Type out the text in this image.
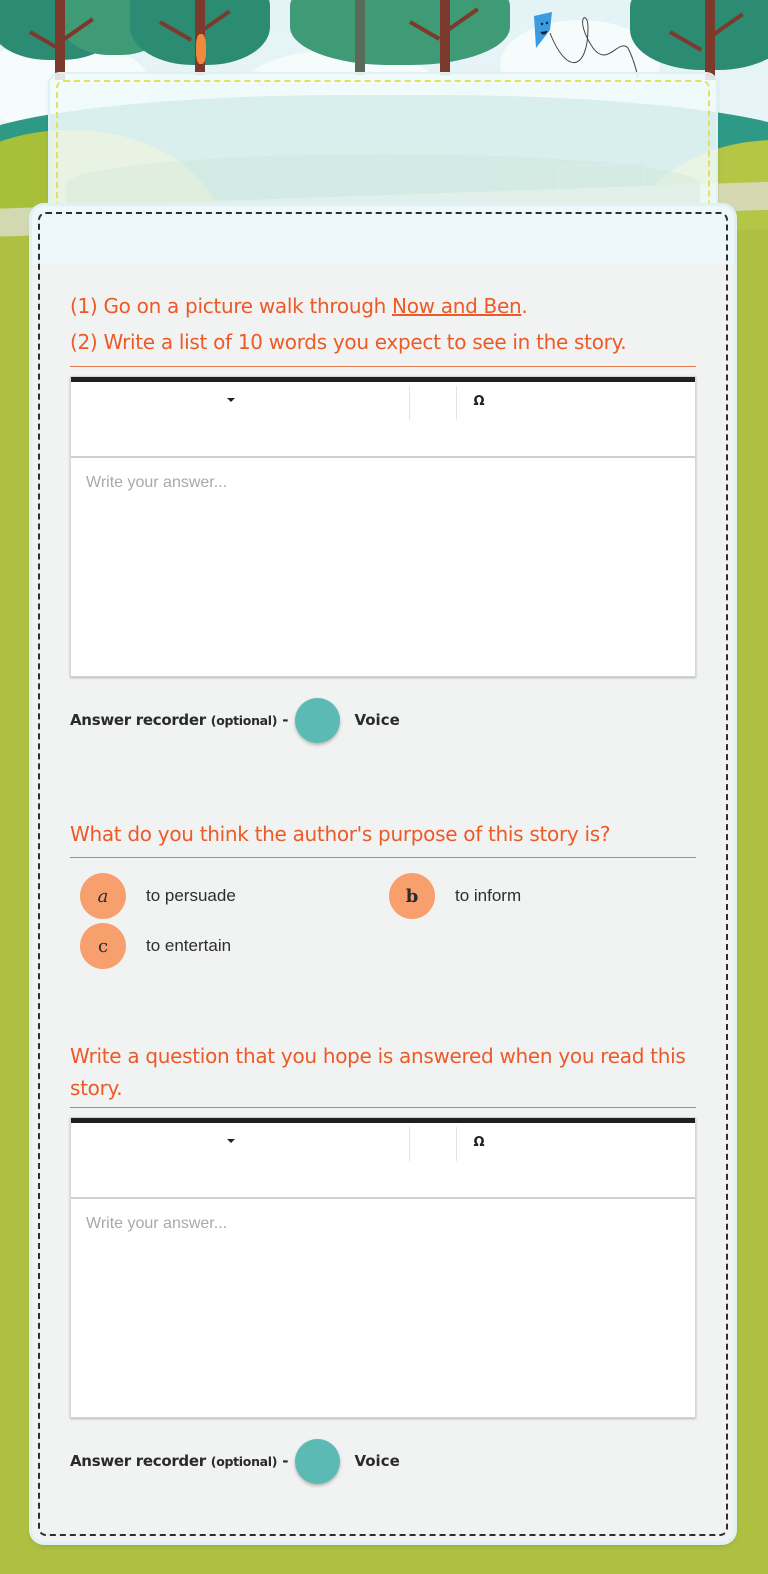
(1) Go on a picture walk through Now and Ben.
(2) Write a list of 10 words you expect to see in the story.
Ω
Write your answer...
Answer recorder (optional) -	Voice
What do you think the author's purpose of this story is?
a	to persuade	b	to inform
c	to entertain
Write a question that you hope is answered when you read this story.
Ω
Write your answer...
Answer recorder (optional) -	Voice
